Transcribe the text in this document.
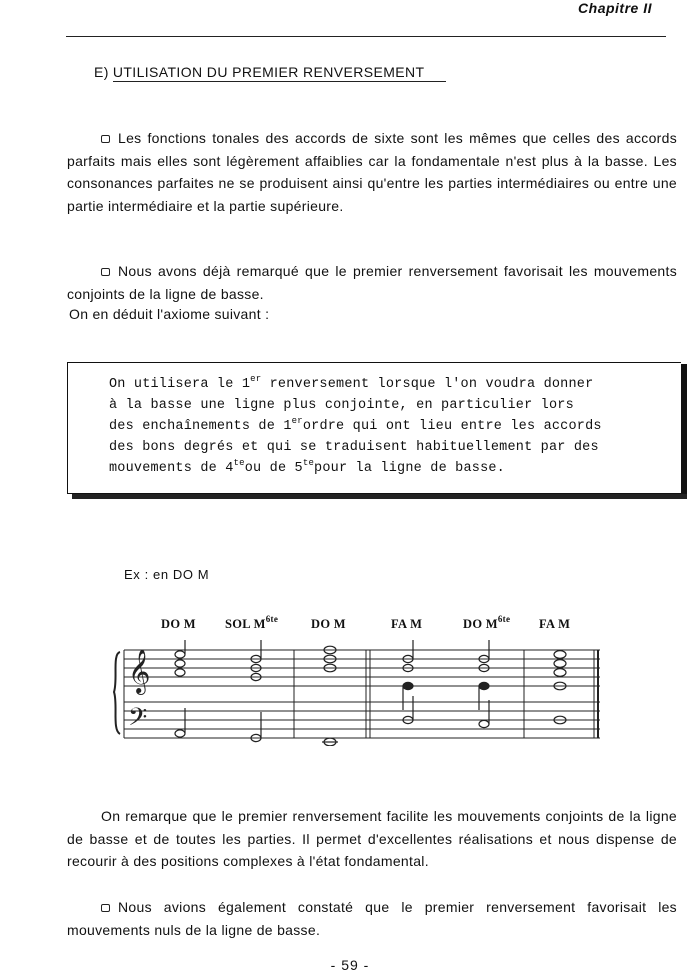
Chapitre II
E) UTILISATION DU PREMIER RENVERSEMENT
Les fonctions tonales des accords de sixte sont les mêmes que celles des accords parfaits mais elles sont légèrement affaiblies car la fondamentale n'est plus à la basse. Les consonances parfaites ne se produisent ainsi qu'entre les parties intermédiaires ou entre une partie intermédiaire et la partie supérieure.
Nous avons déjà remarqué que le premier renversement favorisait les mouvements conjoints de la ligne de basse.
On en déduit l'axiome suivant :
On utilisera le 1er renversement lorsque l'on voudra donner
à la basse une ligne plus conjointe, en particulier lors
des enchaînements de 1erordre qui ont lieu entre les accords
des bons degrés et qui se traduisent habituellement par des
mouvements de $4^{te}ou$ de $5^{te}pour$ la ligne de basse.
Ex : en DO M
DO M SOL $M^{6te}$	DO M	FA M	DO $M^{6te}$ FA M
𝄞
𝄢
On remarque que le premier renversement facilite les mouvements conjoints de la ligne de basse et de toutes les parties. Il permet d'excellentes réalisations et nous dispense de recourir à des positions complexes à l'état fondamental.
Nous avions également constaté que le premier renversement favorisait les mouvements nuls de la ligne de basse.
- 59 -
